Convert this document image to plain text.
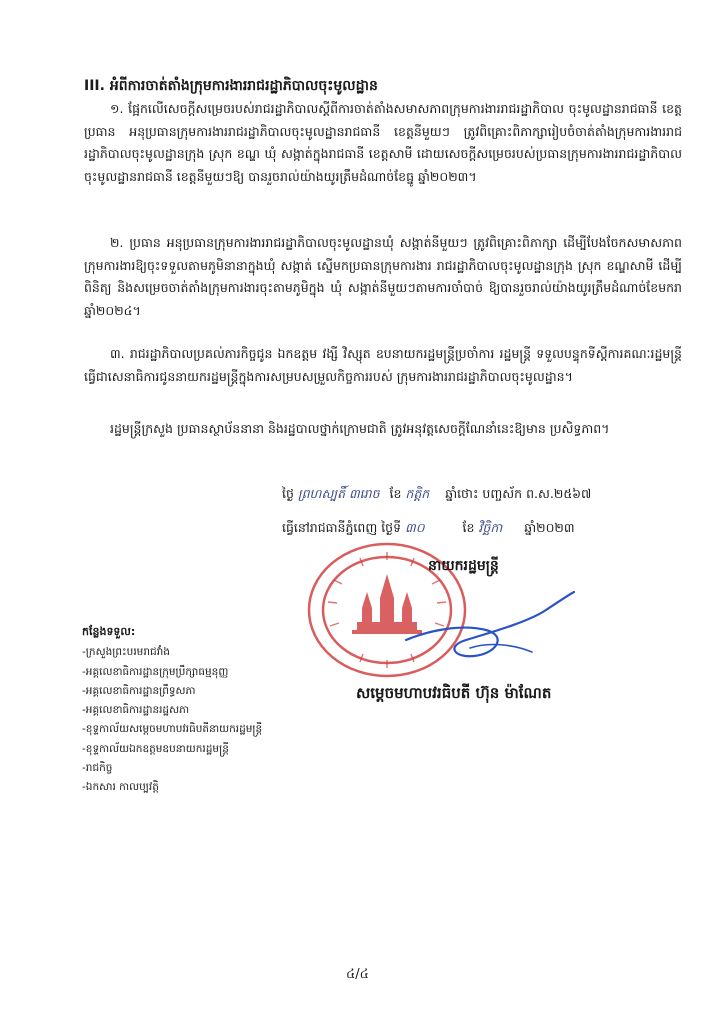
III. អំពីការចាត់តាំងក្រុមការងាររាជរដ្ឋាភិបាលចុះមូលដ្ឋាន
១. ផ្អែកលើសេចក្តីសម្រេចរបស់រាជរដ្ឋាភិបាលស្តីពីការចាត់តាំងសមាសភាពក្រុមការងាររាជរដ្ឋាភិបាល ចុះមូលដ្ឋានរាជធានី ខេត្ត ប្រធាន អនុប្រធានក្រុមការងាររាជរដ្ឋាភិបាលចុះមូលដ្ឋានរាជធានី ខេត្តនីមួយៗ ត្រូវពិគ្រោះពិភាក្សារៀបចំចាត់តាំងក្រុមការងាររាជរដ្ឋាភិបាលចុះមូលដ្ឋានក្រុង ស្រុក ខណ្ឌ ឃុំ សង្កាត់ក្នុងរាជធានី ខេត្តសាមី ដោយសេចក្តីសម្រេចរបស់ប្រធានក្រុមការងាររាជរដ្ឋាភិបាលចុះមូលដ្ឋានរាជធានី ខេត្តនីមួយៗឱ្យ បានរួចរាល់យ៉ាងយូរត្រឹមដំណាច់ខែធ្នូ ឆ្នាំ២០២៣។
២. ប្រធាន អនុប្រធានក្រុមការងាររាជរដ្ឋាភិបាលចុះមូលដ្ឋានឃុំ សង្កាត់នីមួយៗ ត្រូវពិគ្រោះពិភាក្សា ដើម្បីបែងចែកសមាសភាពក្រុមការងារឱ្យចុះទទួលតាមភូមិនានាក្នុងឃុំ សង្កាត់ ស្នើមកប្រធានក្រុមការងារ រាជរដ្ឋាភិបាលចុះមូលដ្ឋានក្រុង ស្រុក ខណ្ឌសាមី ដើម្បីពិនិត្យ និងសម្រេចចាត់តាំងក្រុមការងារចុះតាមភូមិក្នុង ឃុំ សង្កាត់នីមួយៗតាមការចាំបាច់ ឱ្យបានរួចរាល់យ៉ាងយូរត្រឹមដំណាច់ខែមករា ឆ្នាំ២០២៤។
៣. រាជរដ្ឋាភិបាលប្រគល់ភារកិច្ចជូន ឯកឧត្តម វង្សី វិស្សុត ឧបនាយករដ្ឋមន្ត្រីប្រចាំការ រដ្ឋមន្ត្រី ទទួលបន្ទុកទីស្តីការគណៈរដ្ឋមន្ត្រី ធ្វើជាសេនាធិការជូននាយករដ្ឋមន្ត្រីក្នុងការសម្របសម្រួលកិច្ចការរបស់ ក្រុមការងាររាជរដ្ឋាភិបាលចុះមូលដ្ឋាន។
រដ្ឋមន្ត្រីក្រសួង ប្រធានស្ថាប័ននានា និងរដ្ឋបាលថ្នាក់ក្រោមជាតិ ត្រូវអនុវត្តសេចក្តីណែនាំនេះឱ្យមាន ប្រសិទ្ធភាព។
ថ្ងៃ ព្រហស្បតិ៍ ៣រោច ខែ កត្តិក ឆ្នាំថោះ បញ្ចស័ក ព.ស.២៥៦៧
ធ្វើនៅរាជធានីភ្នំពេញ ថ្ងៃទី ៣០	ខែ វិច្ឆិកា ឆ្នាំ២០២៣
នាយករដ្ឋមន្ត្រី
សម្តេចមហាបវរធិបតី ហ៊ុន ម៉ាណែត
កន្លែងទទួល:
-ក្រសួងព្រះបរមរាជវាំង
-អគ្គលេខាធិការដ្ឋានក្រុមប្រឹក្សាធម្មនុញ្ញ
-អគ្គលេខាធិការដ្ឋានព្រឹទ្ធសភា
-អគ្គលេខាធិការដ្ឋានរដ្ឋសភា
-ខុទ្ទកាល័យសម្តេចមហាបវរធិបតីនាយករដ្ឋមន្ត្រី
-ខុទ្ទកាល័យឯកឧត្តមឧបនាយករដ្ឋមន្ត្រី
-រាជកិច្ច
-ឯកសារ កាលប្បវត្តិ
៤/៤
